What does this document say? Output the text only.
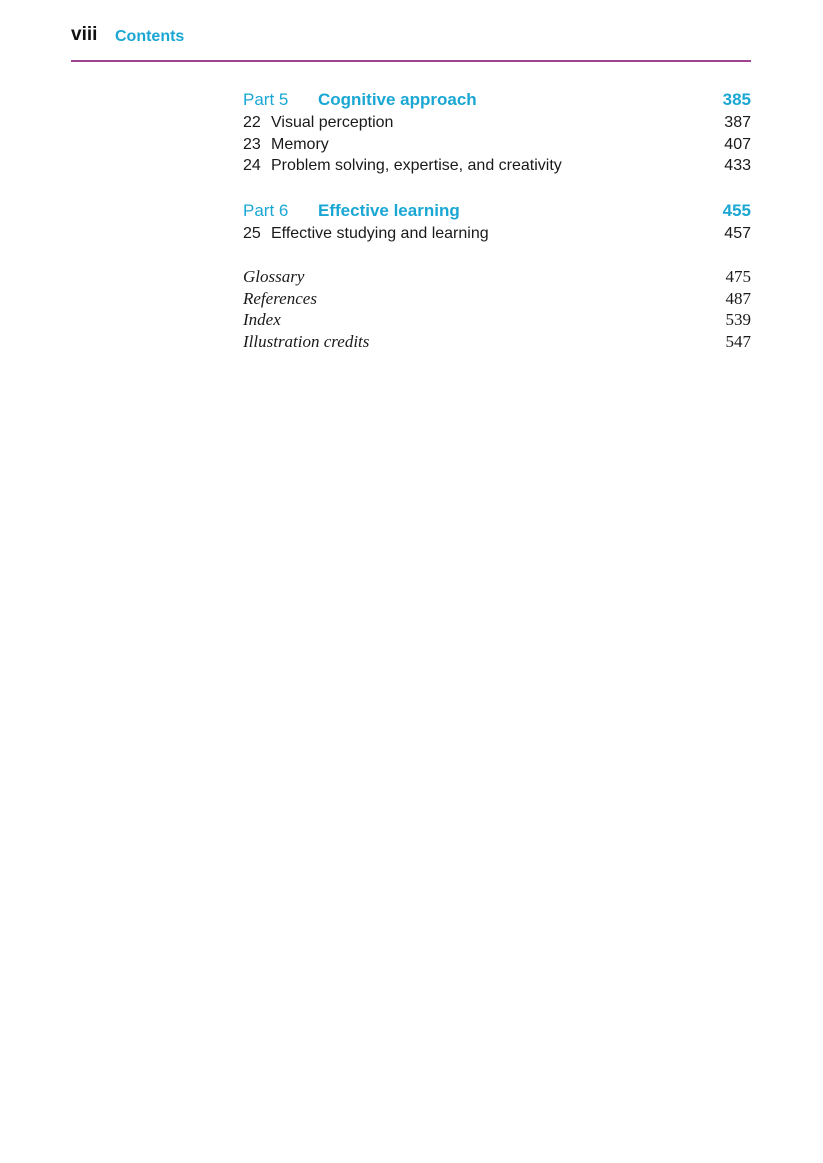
viii Contents
Part 5 Cognitive approach	385
22 Visual perception	387
23 Memory	407
24 Problem solving, expertise, and creativity	433
Part 6 Effective learning	455
25 Effective studying and learning	457
Glossary	475
References	487
Index	539
Illustration credits	547
